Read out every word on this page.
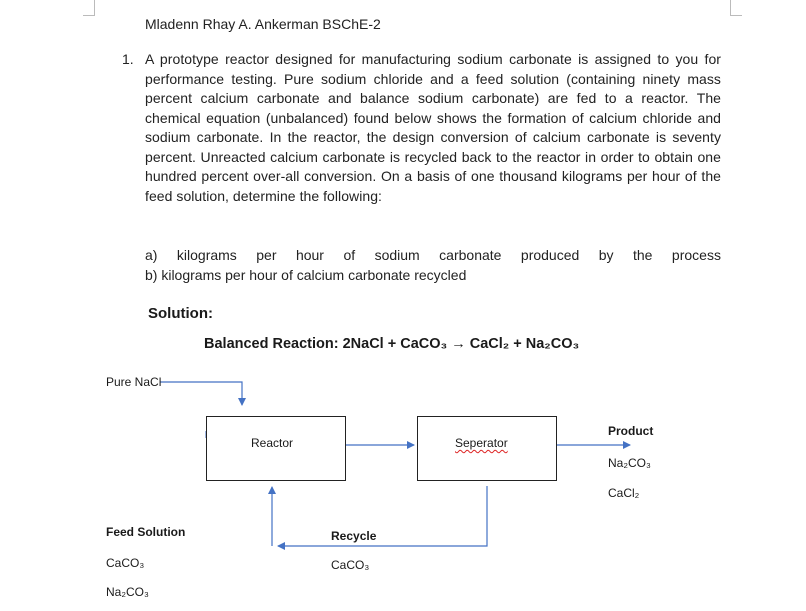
Mladenn Rhay A. Ankerman BSChE-2
1. A prototype reactor designed for manufacturing sodium carbonate is assigned to you for performance testing. Pure sodium chloride and a feed solution (containing ninety mass percent calcium carbonate and balance sodium carbonate) are fed to a reactor. The chemical equation (unbalanced) found below shows the formation of calcium chloride and sodium carbonate. In the reactor, the design conversion of calcium carbonate is seventy percent. Unreacted calcium carbonate is recycled back to the reactor in order to obtain one hundred percent over-all conversion. On a basis of one thousand kilograms per hour of the feed solution, determine the following:
a) kilograms per hour of sodium carbonate produced by the process
b) kilograms per hour of calcium carbonate recycled
Solution:
Balanced Reaction: 2NaCl + CaCO₃ → CaCl₂ + Na₂CO₃
Reactor	Seperator
Pure NaCl
Product
Na₂CO₃
CaCl₂
Feed Solution
CaCO₃
Na₂CO₃
Recycle
CaCO₃
